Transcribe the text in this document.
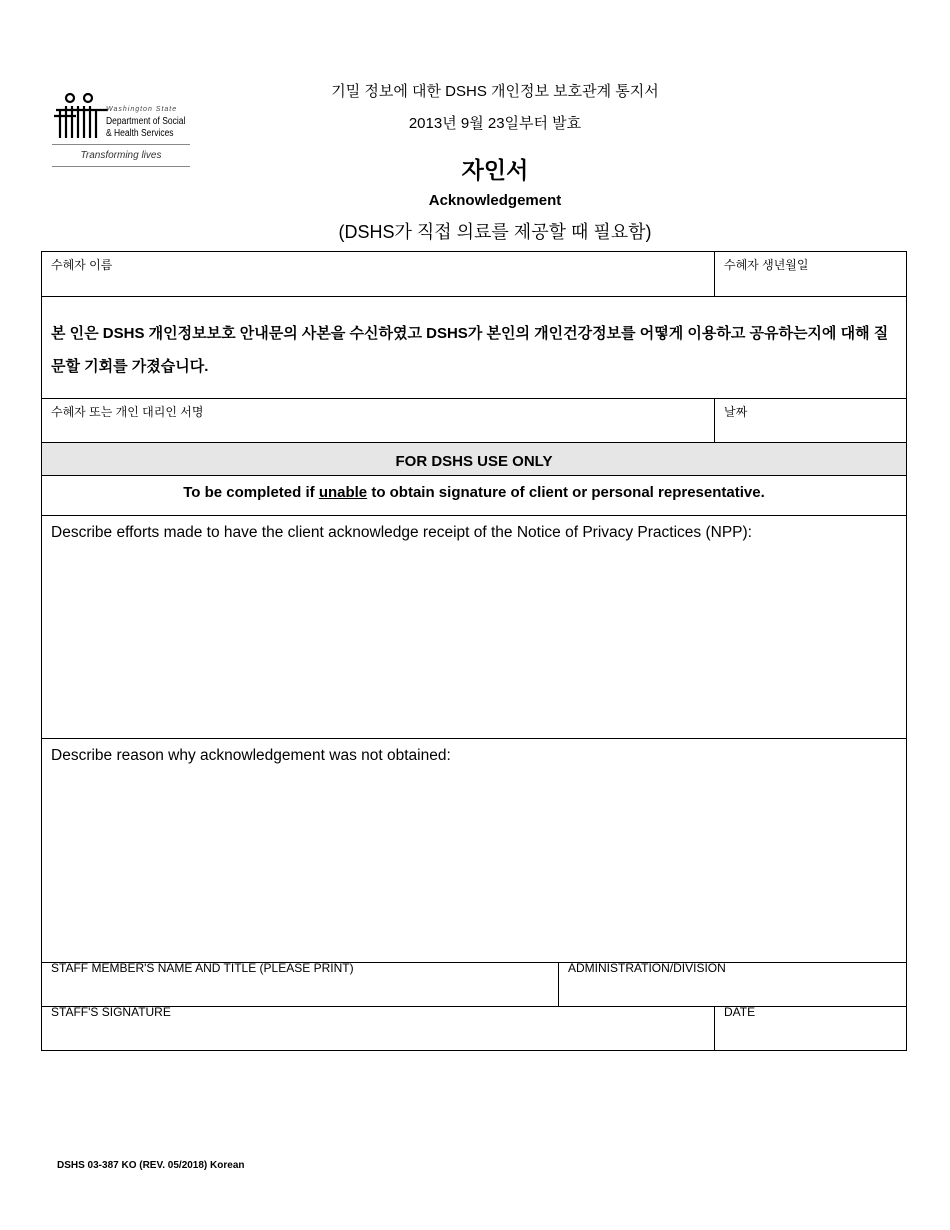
Washington State
Department of Social
& Health Services
Transforming lives
기밀 정보에 대한 DSHS 개인정보 보호관계 통지서
2013년 9월 23일부터 발효
자인서
Acknowledgement
(DSHS가 직접 의료를 제공할 때 필요함)
수혜자 이름	수혜자 생년월일
본 인은 DSHS 개인정보보호 안내문의 사본을 수신하였고 DSHS가 본인의 개인건강정보를 어떻게 이용하고 공유하는지에 대해 질문할 기회를 가졌습니다.
수혜자 또는 개인 대리인 서명	날짜
FOR DSHS USE ONLY
To be completed if unable to obtain signature of client or personal representative.
Describe efforts made to have the client acknowledge receipt of the Notice of Privacy Practices (NPP):
Describe reason why acknowledgement was not obtained:
STAFF MEMBER'S NAME AND TITLE (PLEASE PRINT)	ADMINISTRATION/DIVISION
STAFF'S SIGNATURE	DATE
DSHS 03-387 KO (REV. 05/2018) Korean
